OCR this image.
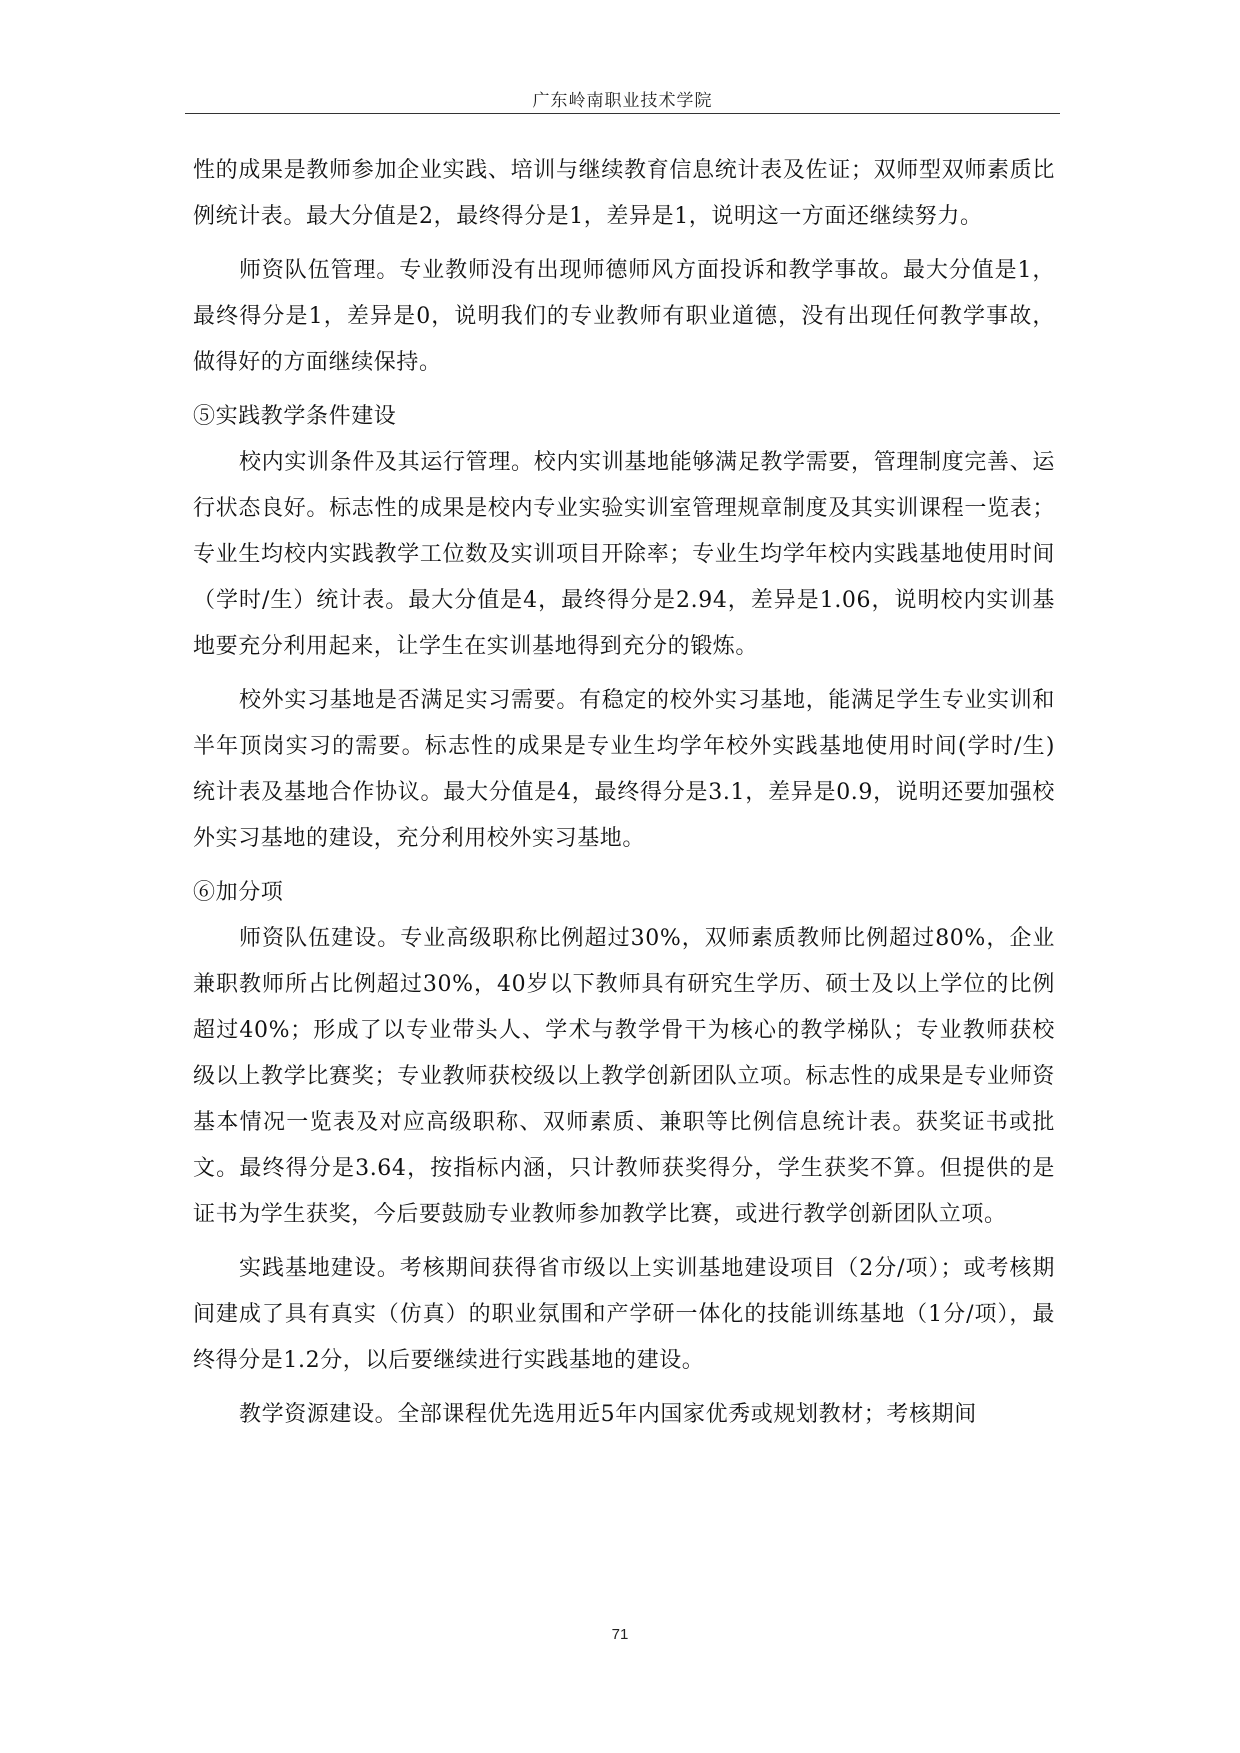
广东岭南职业技术学院

性的成果是教师参加企业实践、培训与继续教育信息统计表及佐证；双师型双师素质比例统计表。最大分值是2，最终得分是1，差异是1，说明这一方面还继续努力。

师资队伍管理。专业教师没有出现师德师风方面投诉和教学事故。最大分值是1，最终得分是1，差异是0，说明我们的专业教师有职业道德，没有出现任何教学事故，做得好的方面继续保持。

⑤实践教学条件建设

校内实训条件及其运行管理。校内实训基地能够满足教学需要，管理制度完善、运行状态良好。标志性的成果是校内专业实验实训室管理规章制度及其实训课程一览表；专业生均校内实践教学工位数及实训项目开除率；专业生均学年校内实践基地使用时间（学时/生）统计表。最大分值是4，最终得分是2.94，差异是1.06，说明校内实训基地要充分利用起来，让学生在实训基地得到充分的锻炼。

校外实习基地是否满足实习需要。有稳定的校外实习基地，能满足学生专业实训和半年顶岗实习的需要。标志性的成果是专业生均学年校外实践基地使用时间(学时/生)统计表及基地合作协议。最大分值是4，最终得分是3.1，差异是0.9，说明还要加强校外实习基地的建设，充分利用校外实习基地。

⑥加分项

师资队伍建设。专业高级职称比例超过30%，双师素质教师比例超过80%，企业兼职教师所占比例超过30%，40岁以下教师具有研究生学历、硕士及以上学位的比例超过40%；形成了以专业带头人、学术与教学骨干为核心的教学梯队；专业教师获校级以上教学比赛奖；专业教师获校级以上教学创新团队立项。标志性的成果是专业师资基本情况一览表及对应高级职称、双师素质、兼职等比例信息统计表。获奖证书或批文。最终得分是3.64，按指标内涵，只计教师获奖得分，学生获奖不算。但提供的是证书为学生获奖，今后要鼓励专业教师参加教学比赛，或进行教学创新团队立项。

实践基地建设。考核期间获得省市级以上实训基地建设项目（2分/项）；或考核期间建成了具有真实（仿真）的职业氛围和产学研一体化的技能训练基地（1分/项），最终得分是1.2分，以后要继续进行实践基地的建设。

教学资源建设。全部课程优先选用近5年内国家优秀或规划教材；考核期间

71
